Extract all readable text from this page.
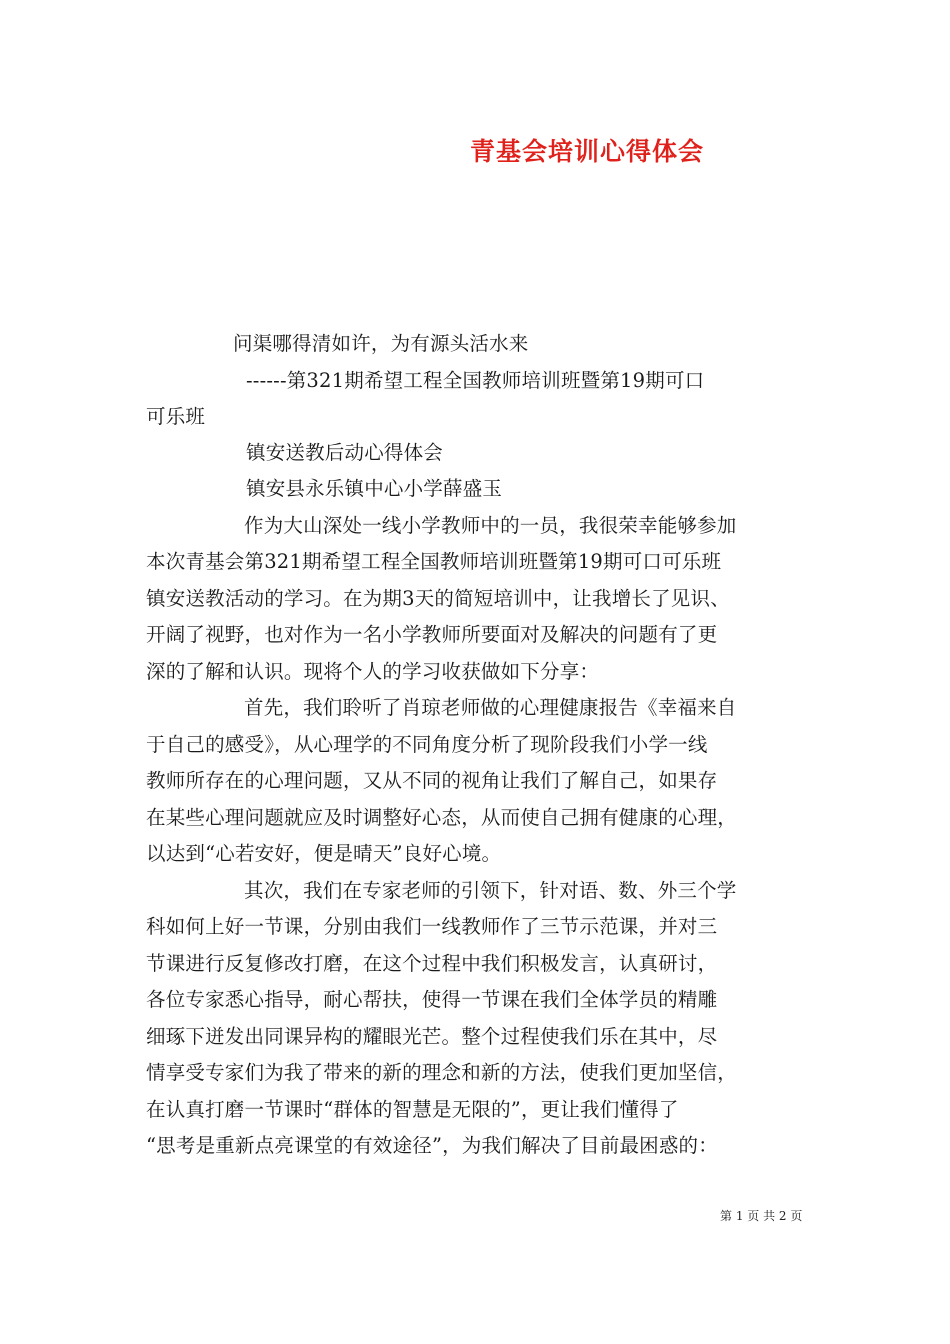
青基会培训心得体会
问渠哪得清如许，为有源头活水来
------第321期希望工程全国教师培训班暨第19期可口
可乐班
镇安送教后动心得体会
镇安县永乐镇中心小学薛盛玉
作为大山深处一线小学教师中的一员，我很荣幸能够参加
本次青基会第321期希望工程全国教师培训班暨第19期可口可乐班
镇安送教活动的学习。在为期3天的简短培训中，让我增长了见识、
开阔了视野，也对作为一名小学教师所要面对及解决的问题有了更
深的了解和认识。现将个人的学习收获做如下分享：
首先，我们聆听了肖琼老师做的心理健康报告《幸福来自
于自己的感受》，从心理学的不同角度分析了现阶段我们小学一线
教师所存在的心理问题，又从不同的视角让我们了解自己，如果存
在某些心理问题就应及时调整好心态，从而使自己拥有健康的心理，
以达到“心若安好，便是晴天”良好心境。
其次，我们在专家老师的引领下，针对语、数、外三个学
科如何上好一节课，分别由我们一线教师作了三节示范课，并对三
节课进行反复修改打磨，在这个过程中我们积极发言，认真研讨，
各位专家悉心指导，耐心帮扶，使得一节课在我们全体学员的精雕
细琢下迸发出同课异构的耀眼光芒。整个过程使我们乐在其中，尽
情享受专家们为我了带来的新的理念和新的方法，使我们更加坚信，
在认真打磨一节课时“群体的智慧是无限的”，更让我们懂得了
“思考是重新点亮课堂的有效途径”，为我们解决了目前最困惑的：
第 1 页 共 2 页
